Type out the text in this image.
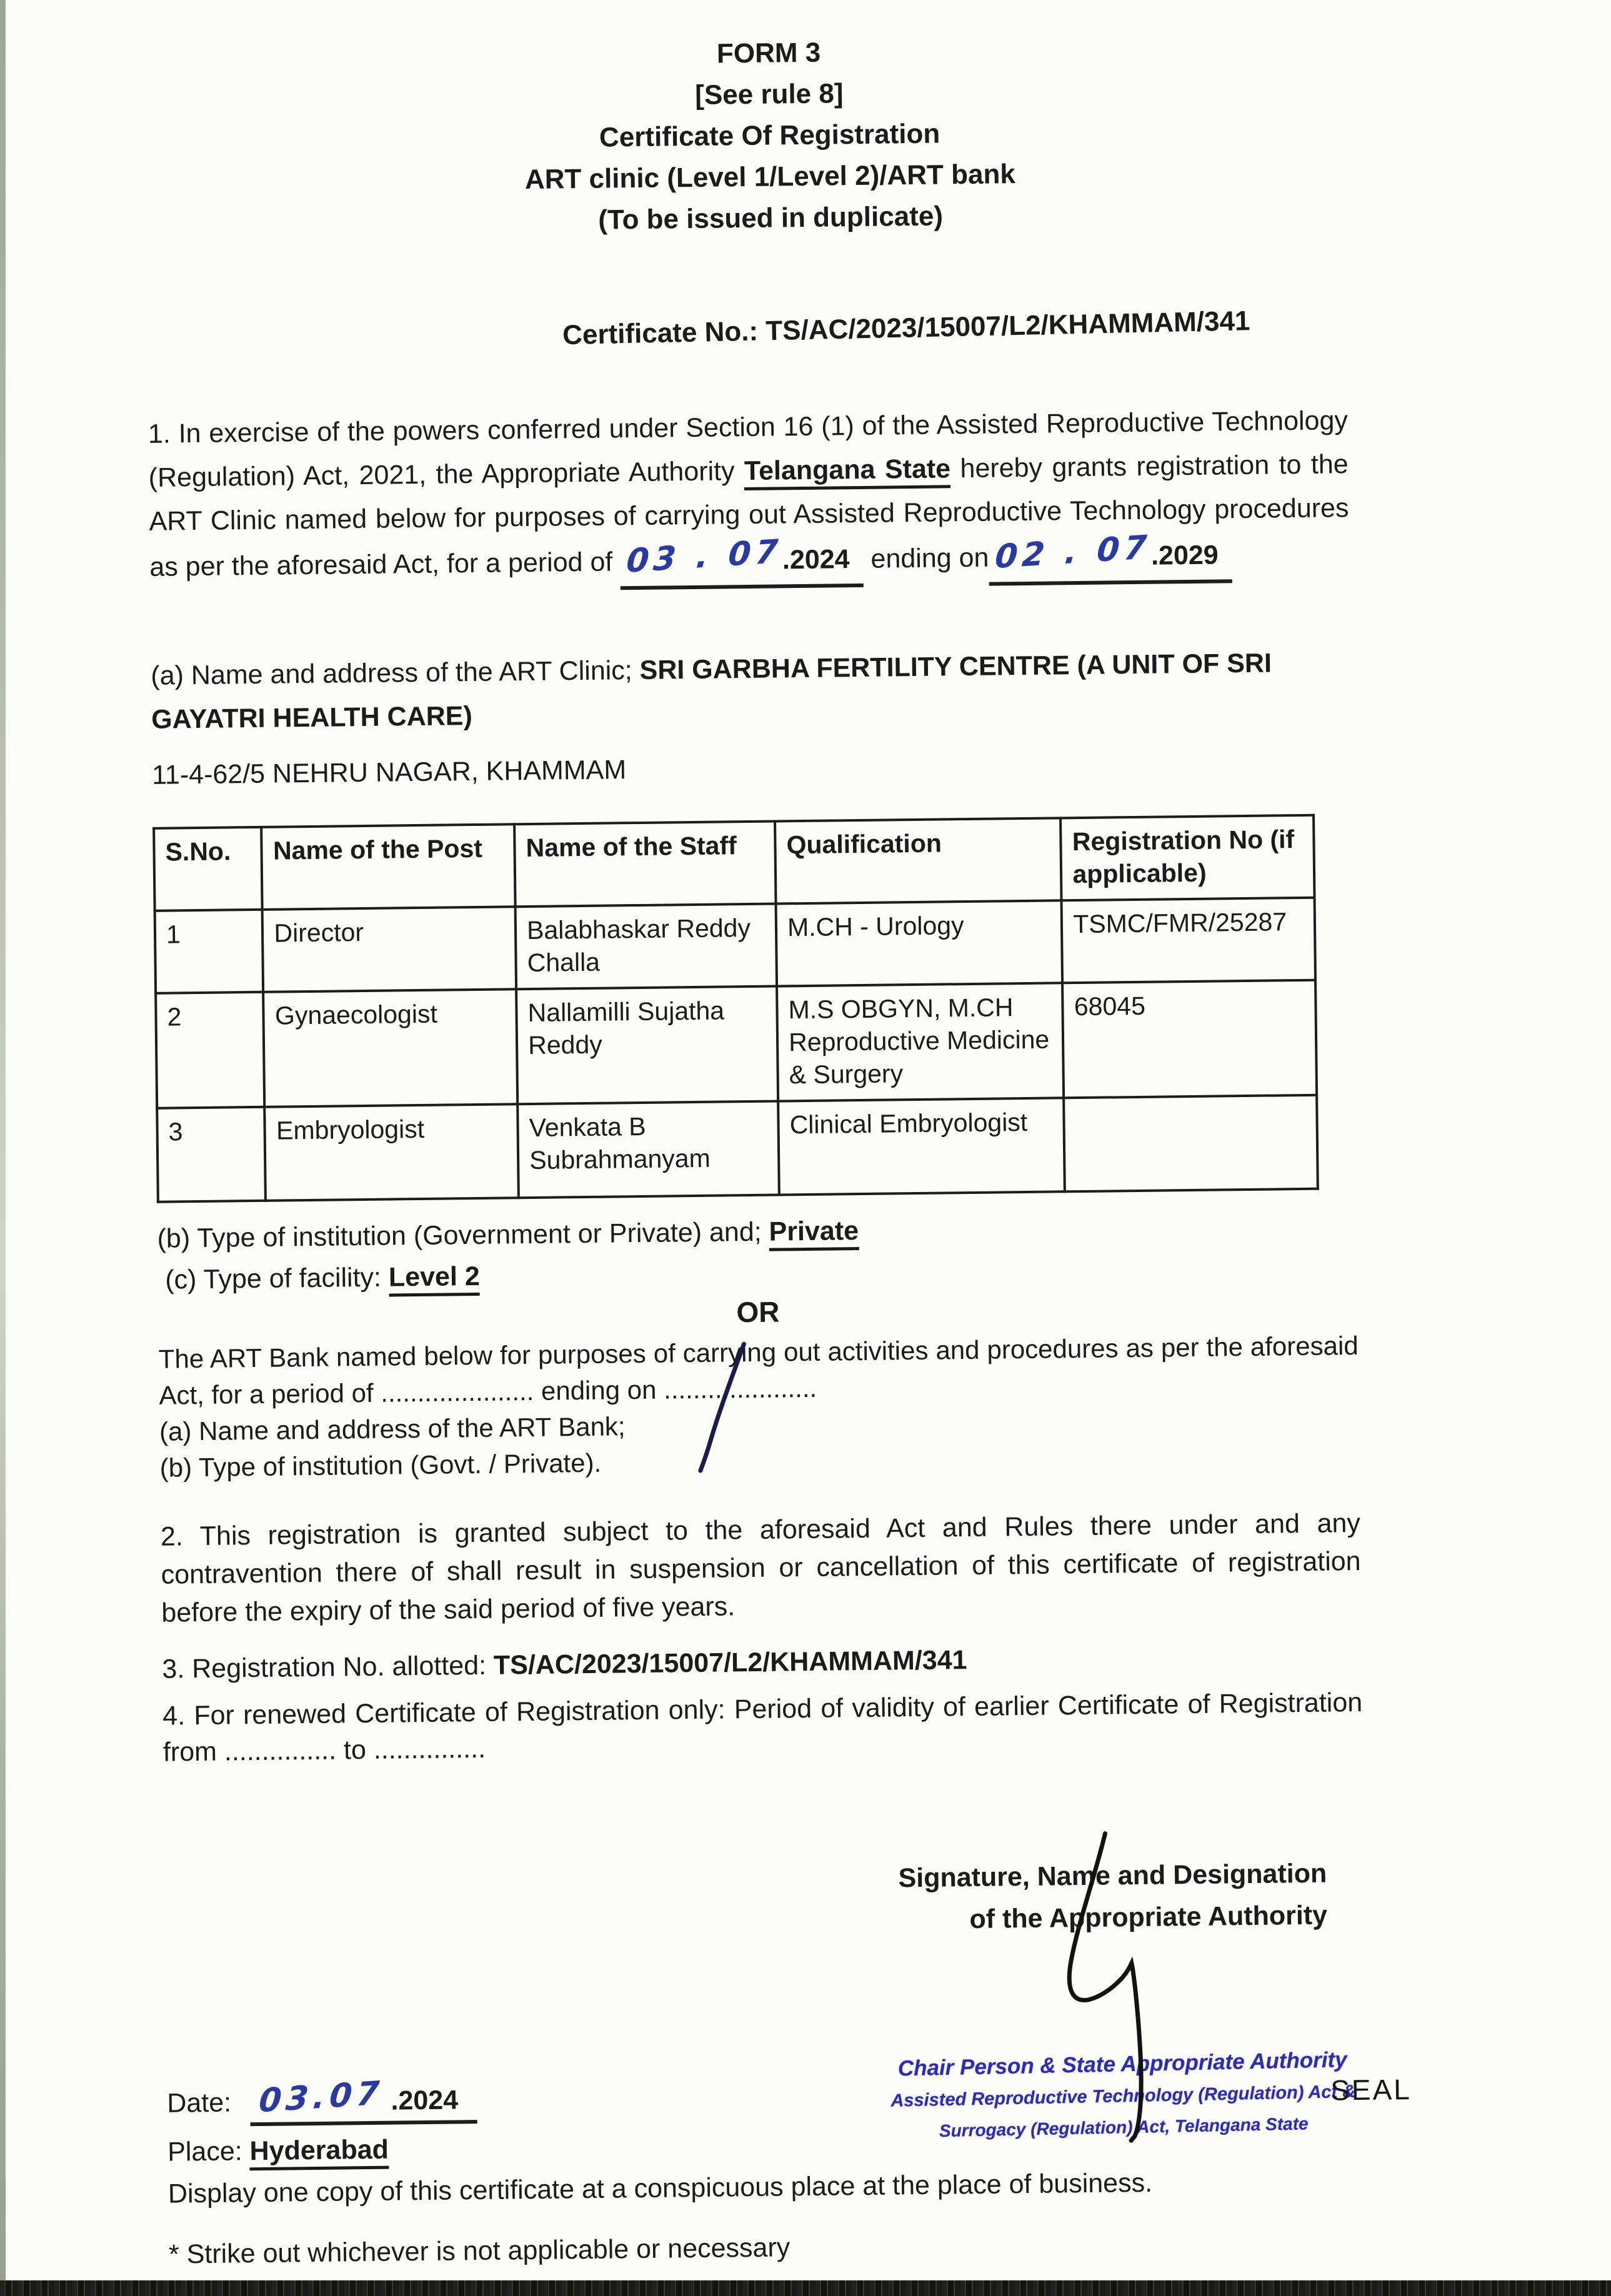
FORM 3
[See rule 8]
Certificate Of Registration
ART clinic (Level 1/Level 2)/ART bank
(To be issued in duplicate)
Certificate No.: TS/AC/2023/15007/L2/KHAMMAM/341
1. In exercise of the powers conferred under Section 16 (1) of the Assisted Reproductive Technology (Regulation) Act, 2021, the Appropriate Authority Telangana State hereby grants registration to the ART Clinic named below for purposes of carrying out Assisted Reproductive Technology procedures as per the aforesaid Act, for a period of 03 . 07.2024 ending on 02 . 07.2029
(a) Name and address of the ART Clinic; SRI GARBHA FERTILITY CENTRE (A UNIT OF SRI GAYATRI HEALTH CARE)
11-4-62/5 NEHRU NAGAR, KHAMMAM
S.No.	Name of the Post	Name of the Staff	Qualification	Registration No (if applicable)
1	Director	Balabhaskar Reddy Challa	M.CH - Urology	TSMC/FMR/25287
2	Gynaecologist	Nallamilli Sujatha Reddy	M.S OBGYN, M.CH Reproductive Medicine & Surgery	68045
3	Embryologist	Venkata B Subrahmanyam	Clinical Embryologist	
(b) Type of institution (Government or Private) and; Private
(c) Type of facility: Level 2
OR
The ART Bank named below for purposes of carrying out activities and procedures as per the aforesaid Act, for a period of ..................... ending on .....................
(a) Name and address of the ART Bank;
(b) Type of institution (Govt. / Private).
2. This registration is granted subject to the aforesaid Act and Rules there under and any contravention there of shall result in suspension or cancellation of this certificate of registration before the expiry of the said period of five years.
3. Registration No. allotted: TS/AC/2023/15007/L2/KHAMMAM/341
4. For renewed Certificate of Registration only: Period of validity of earlier Certificate of Registration from ............... to ...............
Signature, Name and Designation
of the Appropriate Authority
Chair Person & State Appropriate Authority
Assisted Reproductive Technology (Regulation) Act &
Surrogacy (Regulation) Act, Telangana State
SEAL
Date: 03.07 .2024
Place: Hyderabad
Display one copy of this certificate at a conspicuous place at the place of business.
* Strike out whichever is not applicable or necessary
